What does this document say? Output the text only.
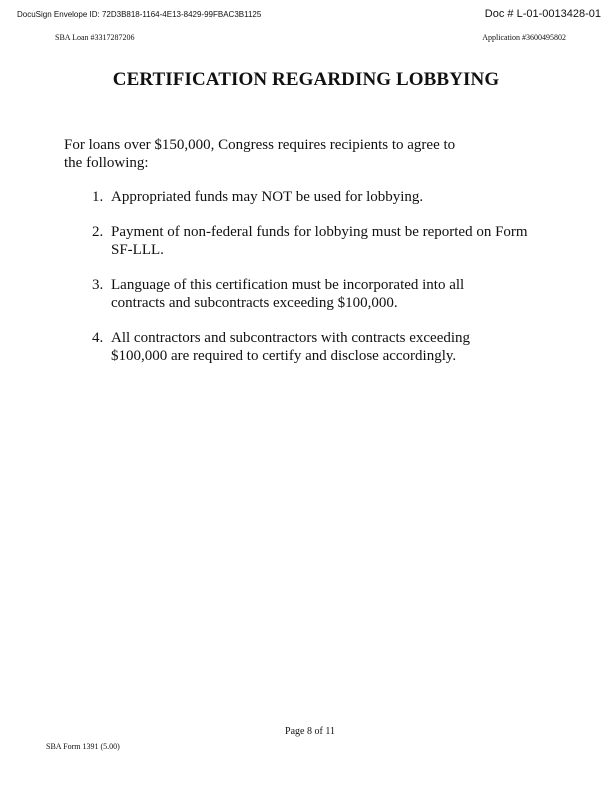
DocuSign Envelope ID: 72D3B818-1164-4E13-8429-99FBAC3B1125	Doc # L-01-0013428-01
SBA Loan #3317287206	Application #3600495802
CERTIFICATION REGARDING LOBBYING

For loans over $150,000, Congress requires recipients to agree to
the following:

1. Appropriated funds may NOT be used for lobbying.
2. Payment of non-federal funds for lobbying must be reported on Form
SF-LLL.
3. Language of this certification must be incorporated into all
contracts and subcontracts exceeding $100,000.
4. All contractors and subcontractors with contracts exceeding
$100,000 are required to certify and disclose accordingly.
Page 8 of 11
SBA Form 1391 (5.00)
